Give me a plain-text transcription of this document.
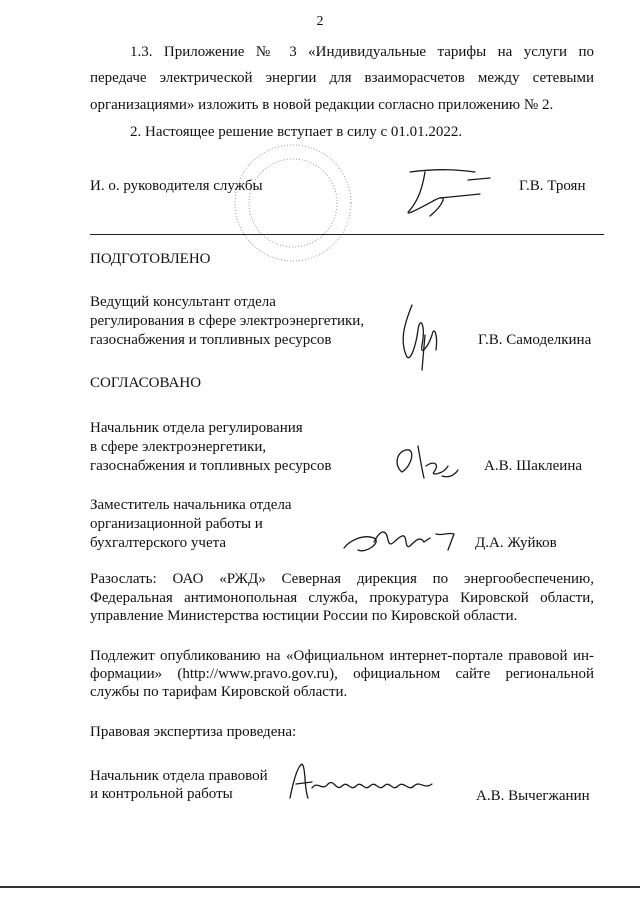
2
1.3. Приложение № 3 «Индивидуальные тарифы на услуги по
передаче электрической энергии для взаиморасчетов между сетевыми
организациями» изложить в новой редакции согласно приложению № 2.
2. Настоящее решение вступает в силу с 01.01.2022.
И. о. руководителя службы	Г.В. Троян
ПОДГОТОВЛЕНО
Ведущий консультант отдела
регулирования в сфере электроэнергетики,
газоснабжения и топливных ресурсов	Г.В. Самоделкина
СОГЛАСОВАНО
Начальник отдела регулирования
в сфере электроэнергетики,
газоснабжения и топливных ресурсов	А.В. Шаклеина
Заместитель начальника отдела
организационной работы и
бухгалтерского учета	Д.А. Жуйков
Разослать: ОАО «РЖД» Северная дирекция по энергообеспечению,
Федеральная антимонопольная служба, прокуратура Кировской области,
управление Министерства юстиции России по Кировской области.
Подлежит опубликованию на «Официальном интернет-портале правовой ин-
формации» (http://www.pravo.gov.ru), официальном сайте региональной
службы по тарифам Кировской области.
Правовая экспертиза проведена:
Начальник отдела правовой
и контрольной работы	А.В. Вычегжанин
